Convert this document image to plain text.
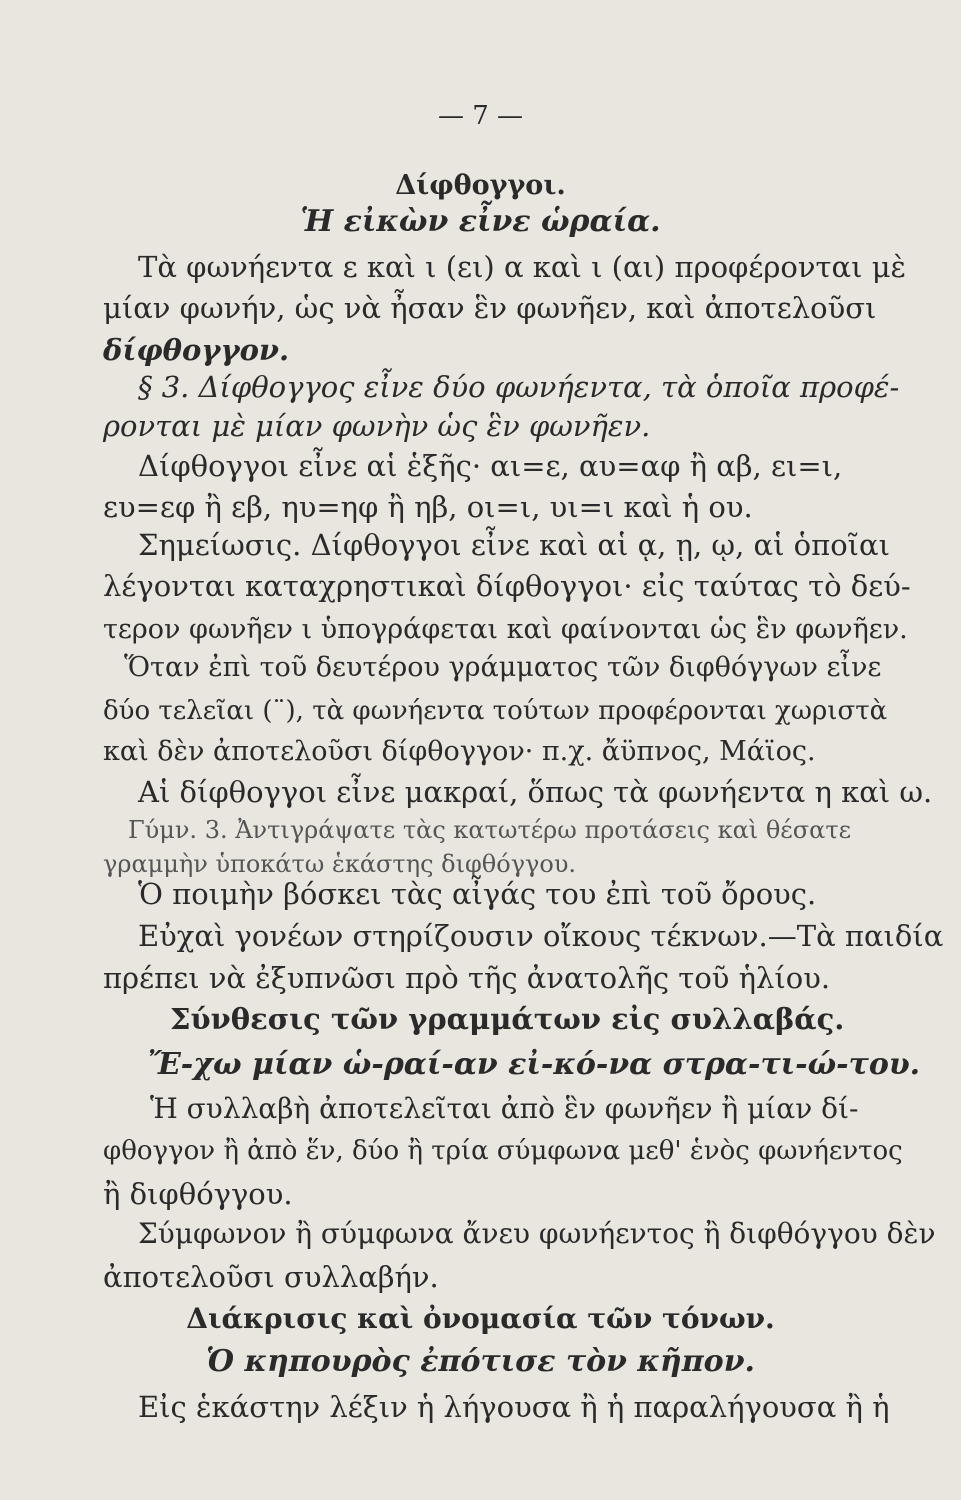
— 7 —
Δίφθογγοι.
Ἡ εἰκὼν εἶνε ὡραία.
Τὰ φωνήεντα ε καὶ ι (ει) α καὶ ι (αι) προφέρονται μὲ
μίαν φωνήν, ὡς νὰ ἦσαν ἓν φωνῆεν, καὶ ἀποτελοῦσι
δίφθογγον.
§ 3. Δίφθογγος εἶνε δύο φωνήεντα, τὰ ὁποῖα προφέ-
ρονται μὲ μίαν φωνὴν ὡς ἓν φωνῆεν.
Δίφθογγοι εἶνε αἱ ἑξῆς· αι=ε, αυ=αφ ἢ αβ, ει=ι,
ευ=εφ ἢ εβ, ηυ=ηφ ἢ ηβ, οι=ι, υι=ι καὶ ἡ ου.
Σημείωσις. Δίφθογγοι εἶνε καὶ αἱ ᾳ, ῃ, ῳ, αἱ ὁποῖαι
λέγονται καταχρηστικαὶ δίφθογγοι· εἰς ταύτας τὸ δεύ-
τερον φωνῆεν ι ὑπογράφεται καὶ φαίνονται ὡς ἓν φωνῆεν.
Ὅταν ἐπὶ τοῦ δευτέρου γράμματος τῶν διφθόγγων εἶνε
δύο τελεῖαι (¨), τὰ φωνήεντα τούτων προφέρονται χωριστὰ
καὶ δὲν ἀποτελοῦσι δίφθογγον· π.χ. ἄϋπνος, Μάϊος.
Αἱ δίφθογγοι εἶνε μακραί, ὅπως τὰ φωνήεντα η καὶ ω.
Γύμν. 3. Ἀντιγράψατε τὰς κατωτέρω προτάσεις καὶ θέσατε
γραμμὴν ὑποκάτω ἑκάστης διφθόγγου.
Ὁ ποιμὴν βόσκει τὰς αἶγάς του ἐπὶ τοῦ ὄρους.
Εὐχαὶ γονέων στηρίζουσιν οἴκους τέκνων.—Τὰ παιδία
πρέπει νὰ ἐξυπνῶσι πρὸ τῆς ἀνατολῆς τοῦ ἡλίου.
Σύνθεσις τῶν γραμμάτων εἰς συλλαβάς.
Ἔ-χω μίαν ὡ-ραί-αν εἰ-κό-να στρα-τι-ώ-του.
Ἡ συλλαβὴ ἀποτελεῖται ἀπὸ ἓν φωνῆεν ἢ μίαν δί-
φθογγον ἢ ἀπὸ ἕν, δύο ἢ τρία σύμφωνα μεθ' ἑνὸς φωνήεντος
ἢ διφθόγγου.
Σύμφωνον ἢ σύμφωνα ἄνευ φωνήεντος ἢ διφθόγγου δὲν
ἀποτελοῦσι συλλαβήν.
Διάκρισις καὶ ὀνομασία τῶν τόνων.
Ὁ κηπουρὸς ἐπότισε τὸν κῆπον.
Εἰς ἑκάστην λέξιν ἡ λήγουσα ἢ ἡ παραλήγουσα ἢ ἡ
